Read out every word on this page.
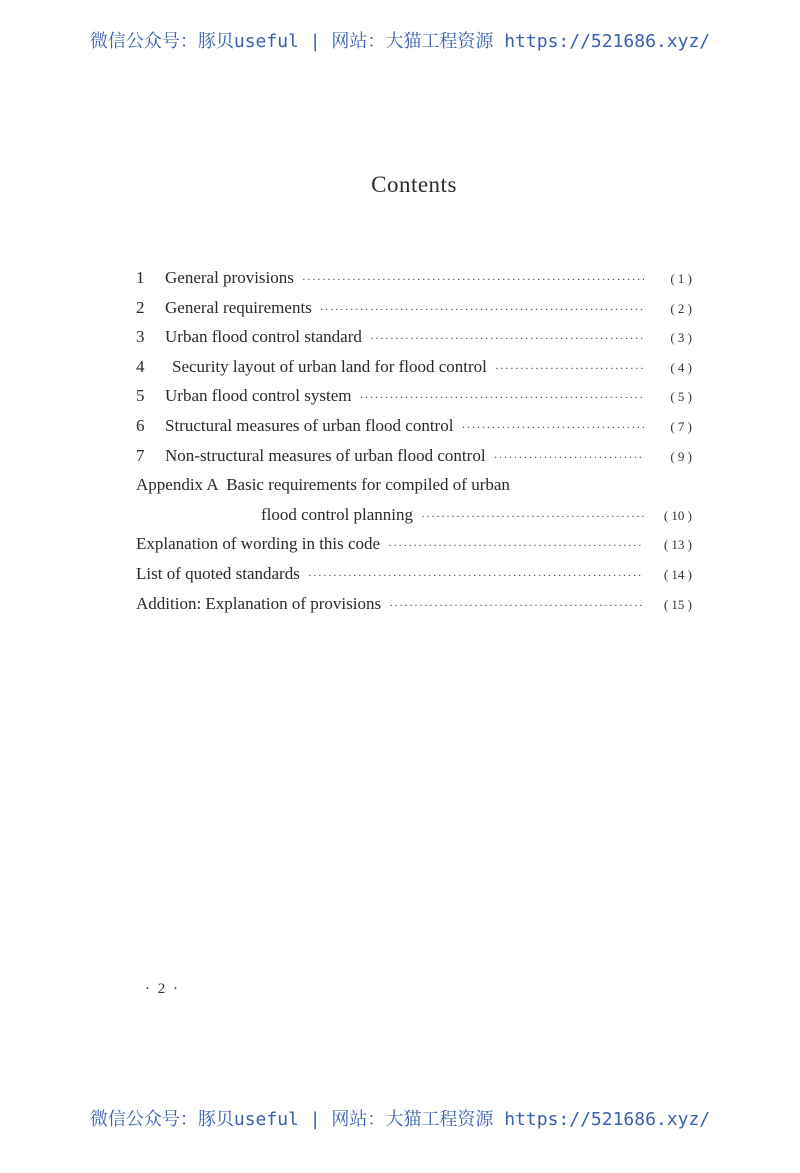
微信公众号：豚贝useful | 网站：大猫工程资源 https://521686.xyz/
Contents
1	General provisions ·····	( 1 )
2	General requirements ·····	( 2 )
3	Urban flood control standard ·····	( 3 )
4	Security layout of urban land for flood control ·····	( 4 )
5	Urban flood control system ·····	( 5 )
6	Structural measures of urban flood control ·····	( 7 )
7	Non-structural measures of urban flood control ·····	( 9 )
Appendix A  Basic requirements for compiled of urban
flood control planning ·····	( 10 )
Explanation of wording in this code ·····	( 13 )
List of quoted standards ·····	( 14 )
Addition: Explanation of provisions ·····	( 15 )
· 2 ·
微信公众号：豚贝useful | 网站：大猫工程资源 https://521686.xyz/
